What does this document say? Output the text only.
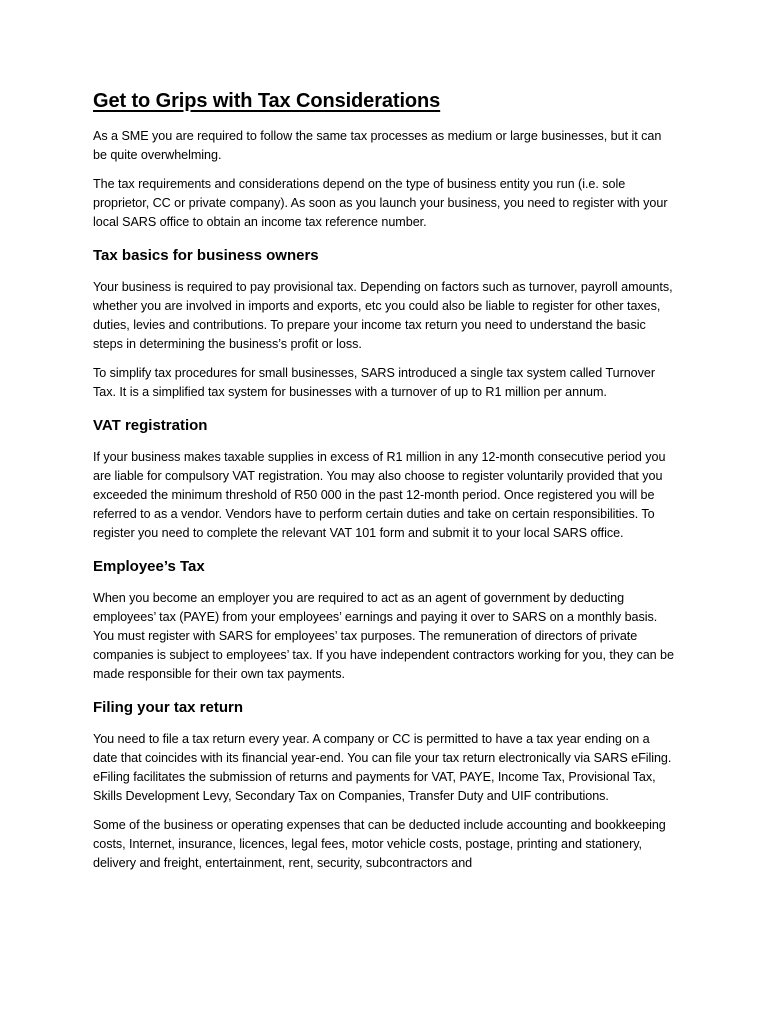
Get to Grips with Tax Considerations

As a SME you are required to follow the same tax processes as medium or large businesses, but it can be quite overwhelming.

The tax requirements and considerations depend on the type of business entity you run (i.e. sole proprietor, CC or private company). As soon as you launch your business, you need to register with your local SARS office to obtain an income tax reference number.

Tax basics for business owners

Your business is required to pay provisional tax. Depending on factors such as turnover, payroll amounts, whether you are involved in imports and exports, etc you could also be liable to register for other taxes, duties, levies and contributions. To prepare your income tax return you need to understand the basic steps in determining the business’s profit or loss.

To simplify tax procedures for small businesses, SARS introduced a single tax system called Turnover Tax. It is a simplified tax system for businesses with a turnover of up to R1 million per annum.

VAT registration

If your business makes taxable supplies in excess of R1 million in any 12-month consecutive period you are liable for compulsory VAT registration. You may also choose to register voluntarily provided that you exceeded the minimum threshold of R50 000 in the past 12-month period. Once registered you will be referred to as a vendor. Vendors have to perform certain duties and take on certain responsibilities. To register you need to complete the relevant VAT 101 form and submit it to your local SARS office.

Employee’s Tax

When you become an employer you are required to act as an agent of government by deducting employees’ tax (PAYE) from your employees’ earnings and paying it over to SARS on a monthly basis. You must register with SARS for employees’ tax purposes. The remuneration of directors of private companies is subject to employees’ tax. If you have independent contractors working for you, they can be made responsible for their own tax payments.

Filing your tax return

You need to file a tax return every year. A company or CC is permitted to have a tax year ending on a date that coincides with its financial year-end. You can file your tax return electronically via SARS eFiling. eFiling facilitates the submission of returns and payments for VAT, PAYE, Income Tax, Provisional Tax, Skills Development Levy, Secondary Tax on Companies, Transfer Duty and UIF contributions.

Some of the business or operating expenses that can be deducted include accounting and bookkeeping costs, Internet, insurance, licences, legal fees, motor vehicle costs, postage, printing and stationery, delivery and freight, entertainment, rent, security, subcontractors and
